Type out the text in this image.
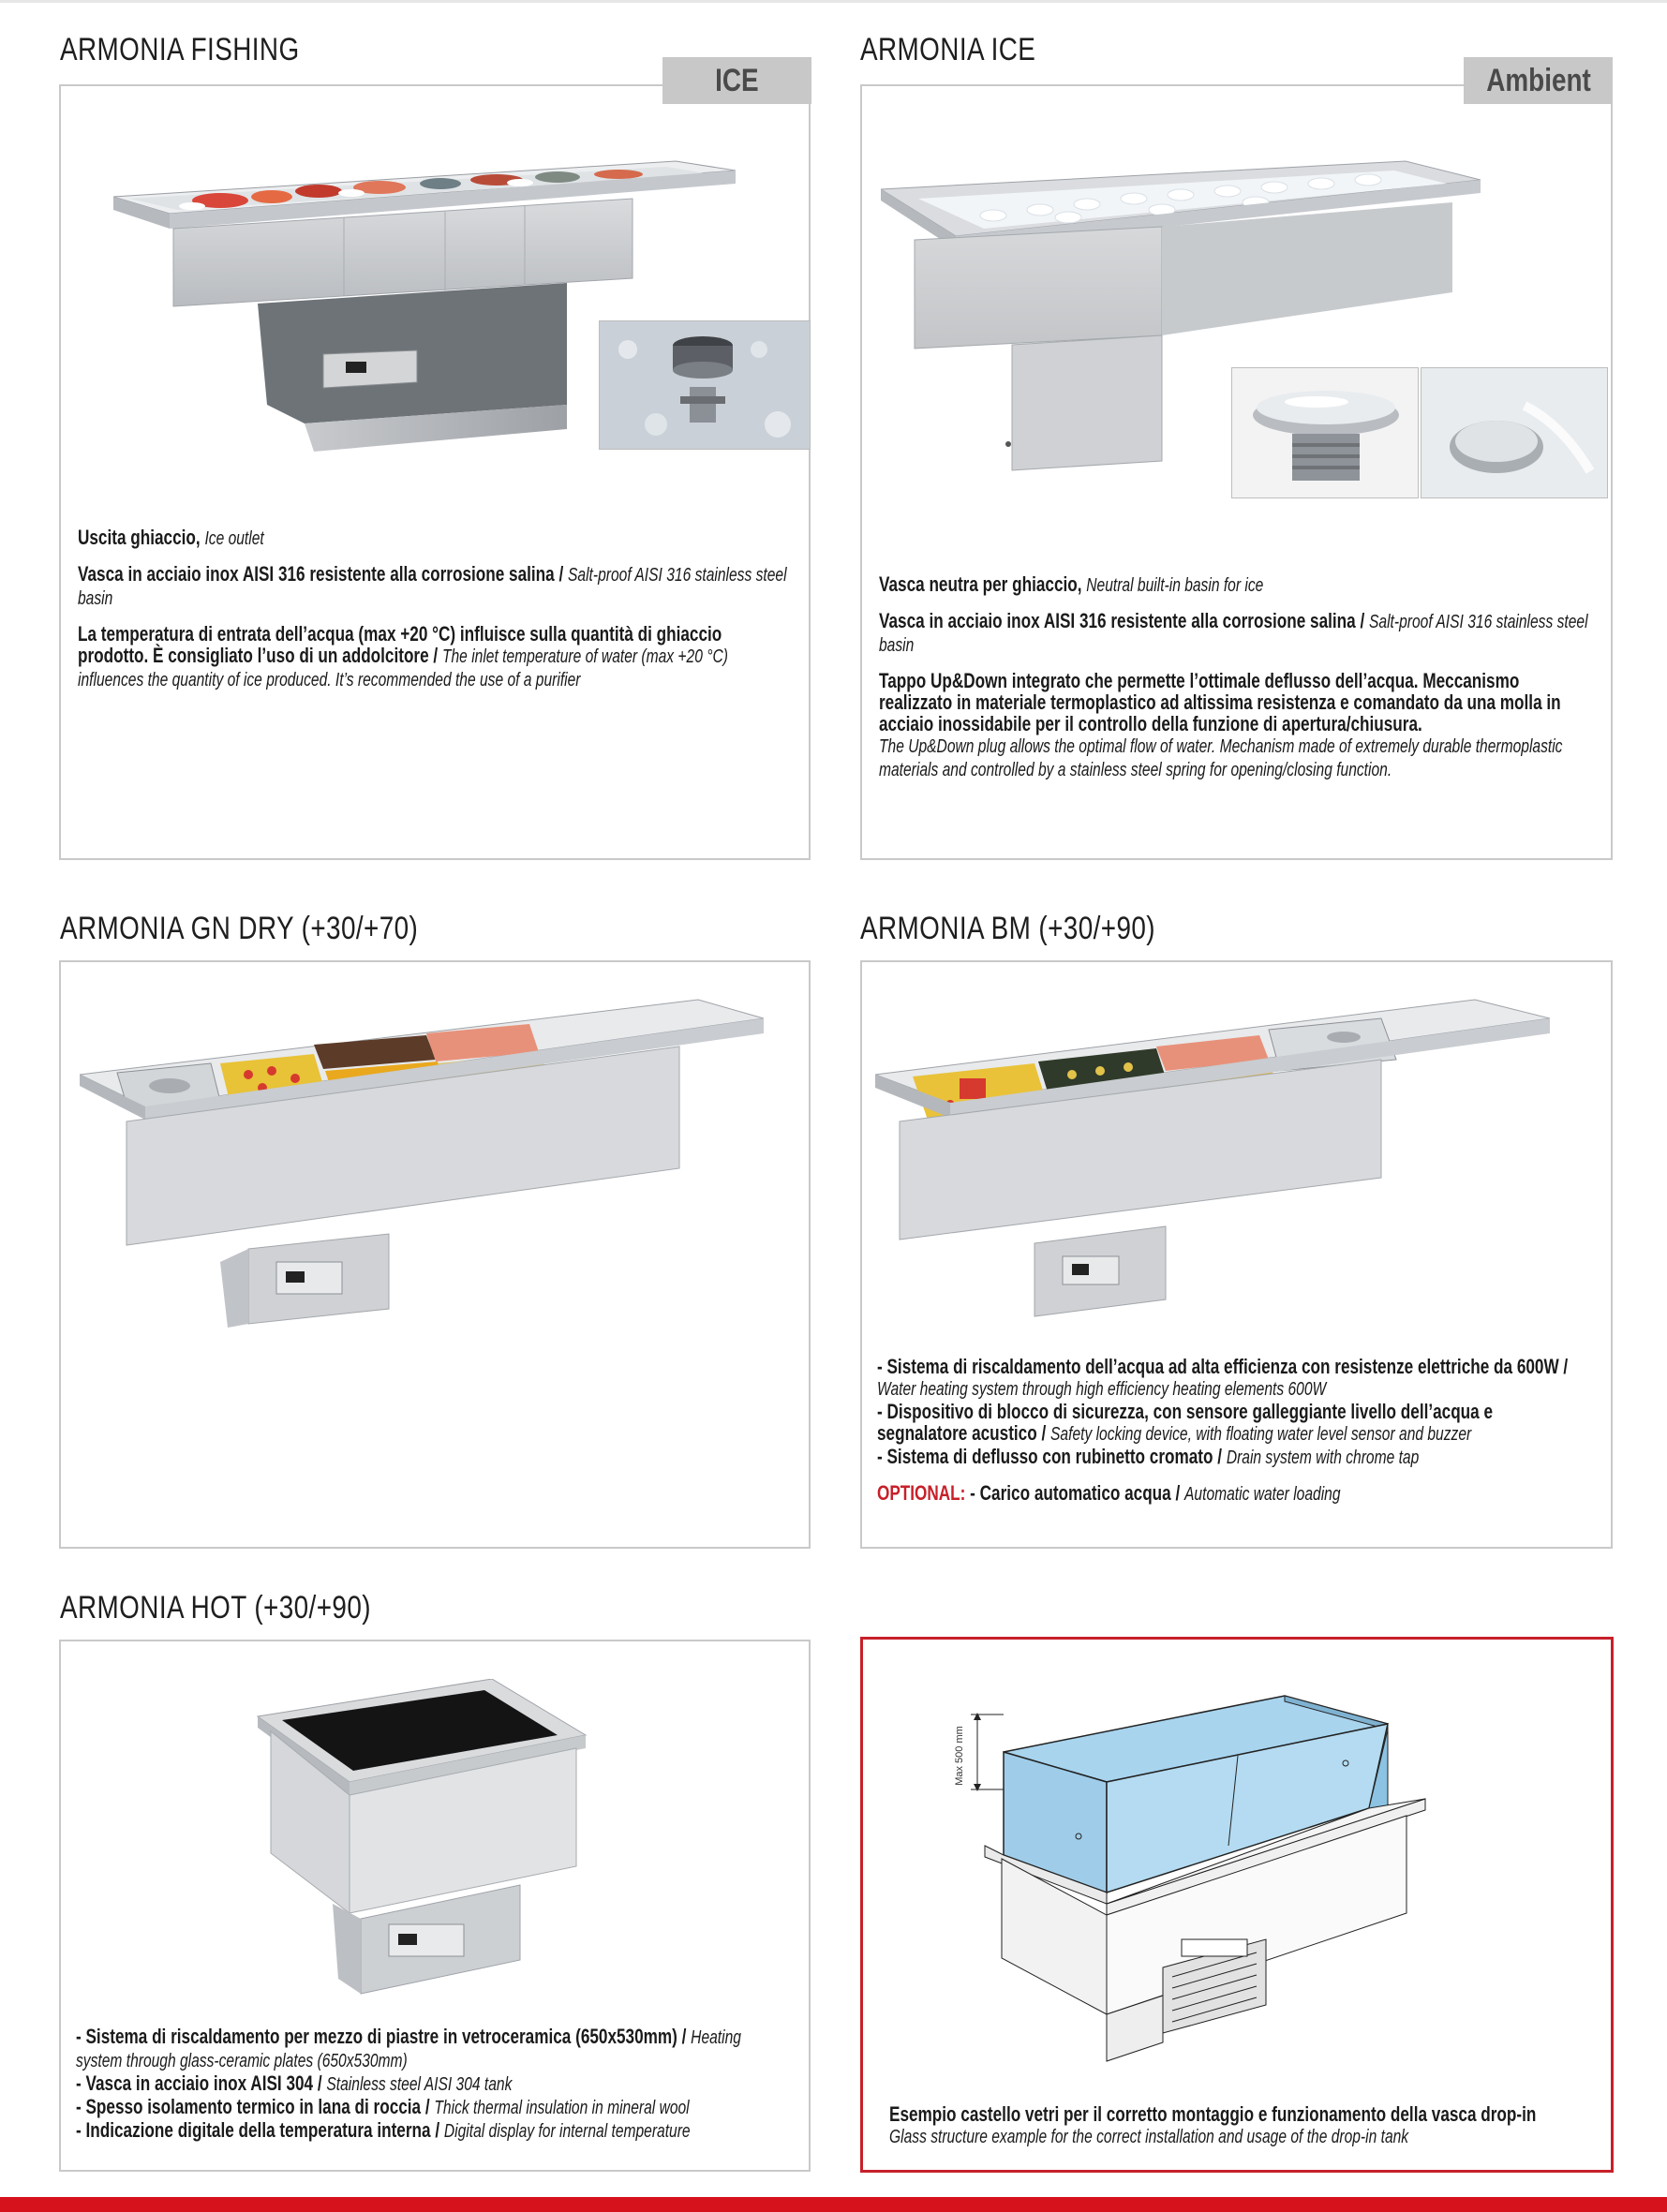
ARMONIA FISHING

Uscita ghiaccio, Ice outlet

Vasca in acciaio inox AISI 316 resistente alla corrosione salina / Salt-proof AISI 316 stainless steel basin

La temperatura di entrata dell’acqua (max +20 °C) influisce sulla quantità di ghiaccio prodotto. È consigliato l’uso di un addolcitore / The inlet temperature of water (max +20 °C) influences the quantity of ice produced. It’s recommended the use of a purifier

ICE
ARMONIA ICE

Vasca neutra per ghiaccio, Neutral built-in basin for ice

Vasca in acciaio inox AISI 316 resistente alla corrosione salina / Salt-proof AISI 316 stainless steel basin

Tappo Up&Down integrato che permette l’ottimale deflusso dell’acqua. Meccanismo realizzato in materiale termoplastico ad altissima resistenza e comandato da una molla in acciaio inossidabile per il controllo della funzione di apertura/chiusura.
The Up&Down plug allows the optimal flow of water. Mechanism made of extremely durable thermoplastic materials and controlled by a stainless steel spring for opening/closing function.

Ambient
ARMONIA GN DRY (+30/+70)	ARMONIA BM (+30/+90)

- Sistema di riscaldamento dell’acqua ad alta efficienza con resistenze elettriche da 600W / Water heating system through high efficiency heating elements 600W

- Dispositivo di blocco di sicurezza, con sensore galleggiante livello dell’acqua e segnalatore acustico / Safety locking device, with floating water level sensor and buzzer

- Sistema di deflusso con rubinetto cromato / Drain system with chrome tap

OPTIONAL: - Carico automatico acqua / Automatic water loading

ARMONIA HOT (+30/+90)

- Sistema di riscaldamento per mezzo di piastre in vetroceramica (650x530mm) / Heating system through glass-ceramic plates (650x530mm)

- Vasca in acciaio inox AISI 304 / Stainless steel AISI 304 tank

- Spesso isolamento termico in lana di roccia / Thick thermal insulation in mineral wool

- Indicazione digitale della temperatura interna / Digital display for internal temperature

Max 500 mm

Esempio castello vetri per il corretto montaggio e funzionamento della vasca drop-in
Glass structure example for the correct installation and usage of the drop-in tank
